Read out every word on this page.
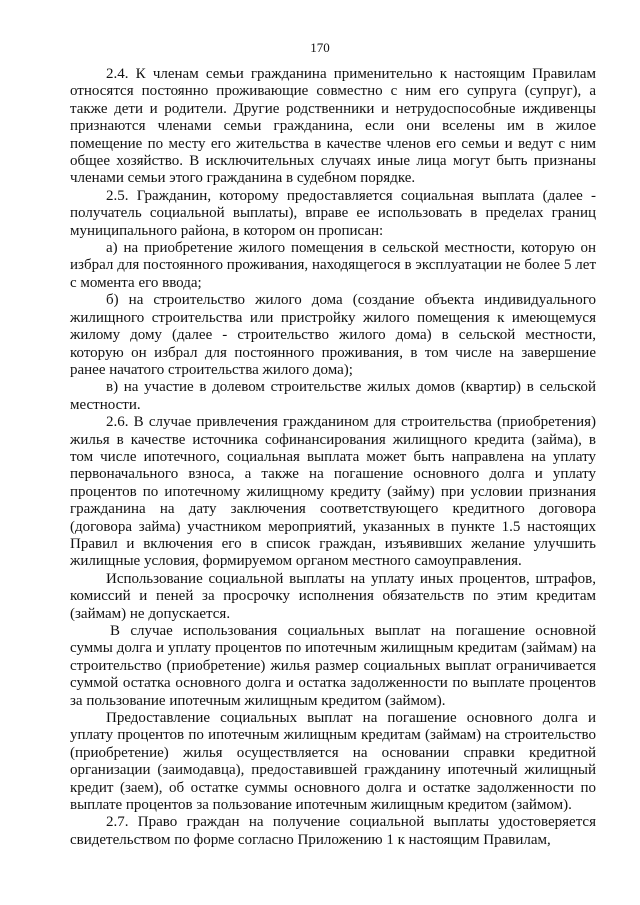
170

2.4. К членам семьи гражданина применительно к настоящим Правилам относятся постоянно проживающие совместно с ним его супруга (супруг), а также дети и родители. Другие родственники и нетрудоспособные иждивенцы признаются членами семьи гражданина, если они вселены им в жилое помещение по месту его жительства в качестве членов его семьи и ведут с ним общее хозяйство. В исключительных случаях иные лица могут быть признаны членами семьи этого гражданина в судебном порядке.

2.5. Гражданин, которому предоставляется социальная выплата (далее - получатель социальной выплаты), вправе ее использовать в пределах границ муниципального района, в котором он прописан:

а) на приобретение жилого помещения в сельской местности, которую он избрал для постоянного проживания, находящегося в эксплуатации не более 5 лет с момента его ввода;

б) на строительство жилого дома (создание объекта индивидуального жилищного строительства или пристройку жилого помещения к имеющемуся жилому дому (далее - строительство жилого дома) в сельской местности, которую он избрал для постоянного проживания, в том числе на завершение ранее начатого строительства жилого дома);

в) на участие в долевом строительстве жилых домов (квартир) в сельской местности.

2.6. В случае привлечения гражданином для строительства (приобретения) жилья в качестве источника софинансирования жилищного кредита (займа), в том числе ипотечного, социальная выплата может быть направлена на уплату первоначального взноса, а также на погашение основного долга и уплату процентов по ипотечному жилищному кредиту (займу) при условии признания гражданина на дату заключения соответствующего кредитного договора (договора займа) участником мероприятий, указанных в пункте 1.5 настоящих Правил и включения его в список граждан, изъявивших желание улучшить жилищные условия, формируемом органом местного самоуправления.

Использование социальной выплаты на уплату иных процентов, штрафов, комиссий и пеней за просрочку исполнения обязательств по этим кредитам (займам) не допускается.

В случае использования социальных выплат на погашение основной суммы долга и уплату процентов по ипотечным жилищным кредитам (займам) на строительство (приобретение) жилья размер социальных выплат ограничивается суммой остатка основного долга и остатка задолженности по выплате процентов за пользование ипотечным жилищным кредитом (займом).

Предоставление социальных выплат на погашение основного долга и уплату процентов по ипотечным жилищным кредитам (займам) на строительство (приобретение) жилья осуществляется на основании справки кредитной организации (заимодавца), предоставившей гражданину ипотечный жилищный кредит (заем), об остатке суммы основного долга и остатке задолженности по выплате процентов за пользование ипотечным жилищным кредитом (займом).

2.7. Право граждан на получение социальной выплаты удостоверяется свидетельством по форме согласно Приложению 1 к настоящим Правилам,
